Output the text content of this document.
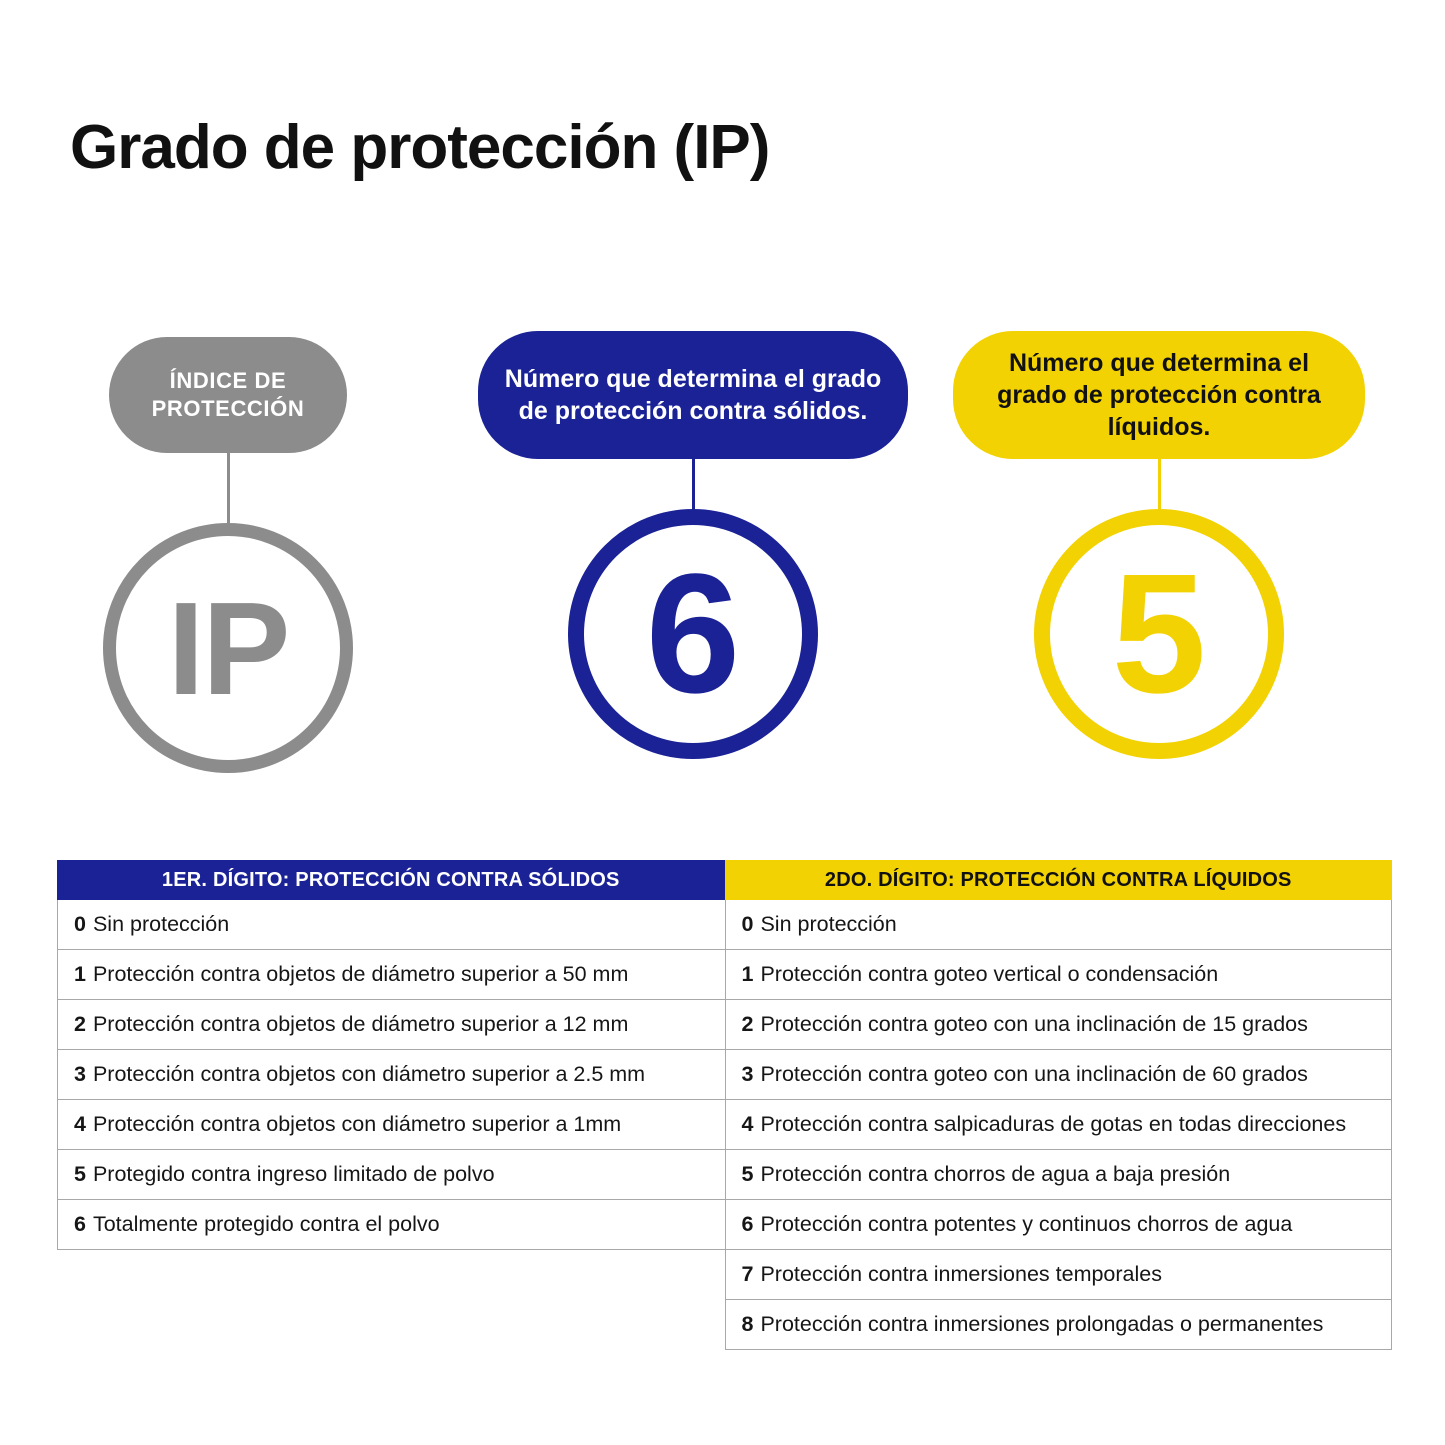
Grado de protección (IP)
ÍNDICE DE PROTECCIÓN
IP
Número que determina el grado de protección contra sólidos.
6
Número que determina el grado de protección contra líquidos.
5
1ER. DÍGITO: PROTECCIÓN CONTRA SÓLIDOS
0 Sin protección
1 Protección contra objetos de diámetro superior a 50 mm
2 Protección contra objetos de diámetro superior a 12 mm
3 Protección contra objetos con diámetro superior a 2.5 mm
4 Protección contra objetos con diámetro superior a 1mm
5 Protegido contra ingreso limitado de polvo
6 Totalmente protegido contra el polvo
2DO. DÍGITO: PROTECCIÓN CONTRA LÍQUIDOS
0 Sin protección
1 Protección contra goteo vertical o condensación
2 Protección contra goteo con una inclinación de 15 grados
3 Protección contra goteo con una inclinación de 60 grados
4 Protección contra salpicaduras de gotas en todas direcciones
5 Protección contra chorros de agua a baja presión
6 Protección contra potentes y continuos chorros de agua
7 Protección contra inmersiones temporales
8 Protección contra inmersiones prolongadas o permanentes
